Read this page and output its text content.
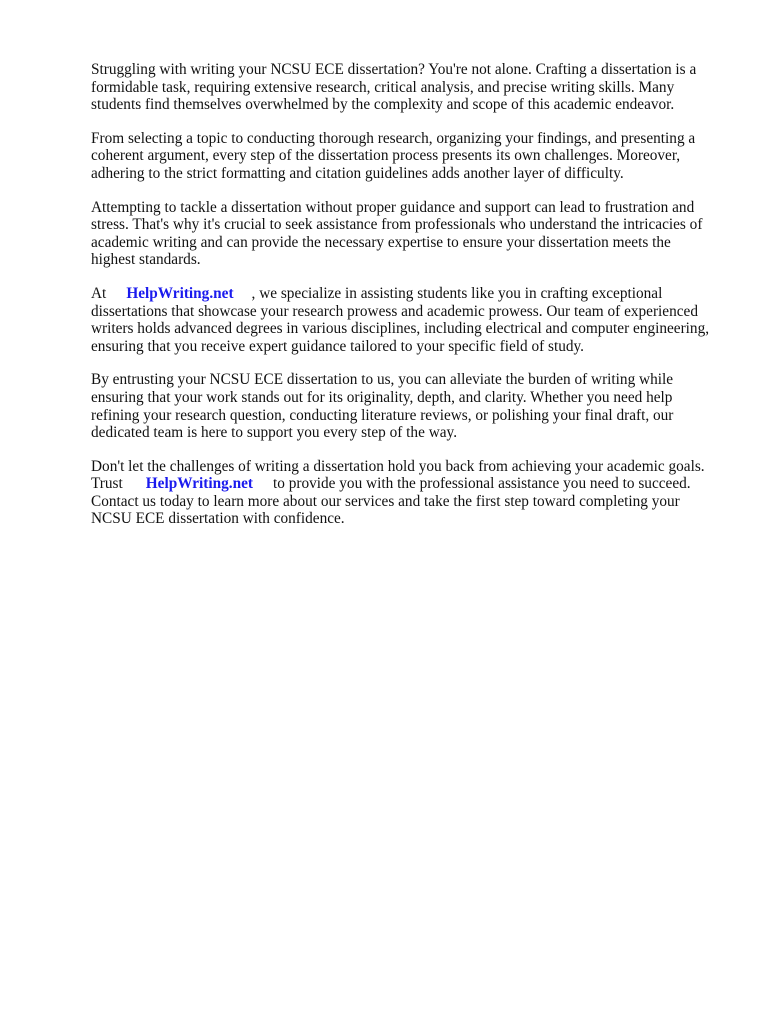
Struggling with writing your NCSU ECE dissertation? You're not alone. Crafting a dissertation is a
formidable task, requiring extensive research, critical analysis, and precise writing skills. Many
students find themselves overwhelmed by the complexity and scope of this academic endeavor.

From selecting a topic to conducting thorough research, organizing your findings, and presenting a
coherent argument, every step of the dissertation process presents its own challenges. Moreover,
adhering to the strict formatting and citation guidelines adds another layer of difficulty.

Attempting to tackle a dissertation without proper guidance and support can lead to frustration and
stress. That's why it's crucial to seek assistance from professionals who understand the intricacies of
academic writing and can provide the necessary expertise to ensure your dissertation meets the
highest standards.

At HelpWriting.net , we specialize in assisting students like you in crafting exceptional
dissertations that showcase your research prowess and academic prowess. Our team of experienced
writers holds advanced degrees in various disciplines, including electrical and computer engineering,
ensuring that you receive expert guidance tailored to your specific field of study.

By entrusting your NCSU ECE dissertation to us, you can alleviate the burden of writing while
ensuring that your work stands out for its originality, depth, and clarity. Whether you need help
refining your research question, conducting literature reviews, or polishing your final draft, our
dedicated team is here to support you every step of the way.

Don't let the challenges of writing a dissertation hold you back from achieving your academic goals.
Trust HelpWriting.net to provide you with the professional assistance you need to succeed.
Contact us today to learn more about our services and take the first step toward completing your
NCSU ECE dissertation with confidence.
